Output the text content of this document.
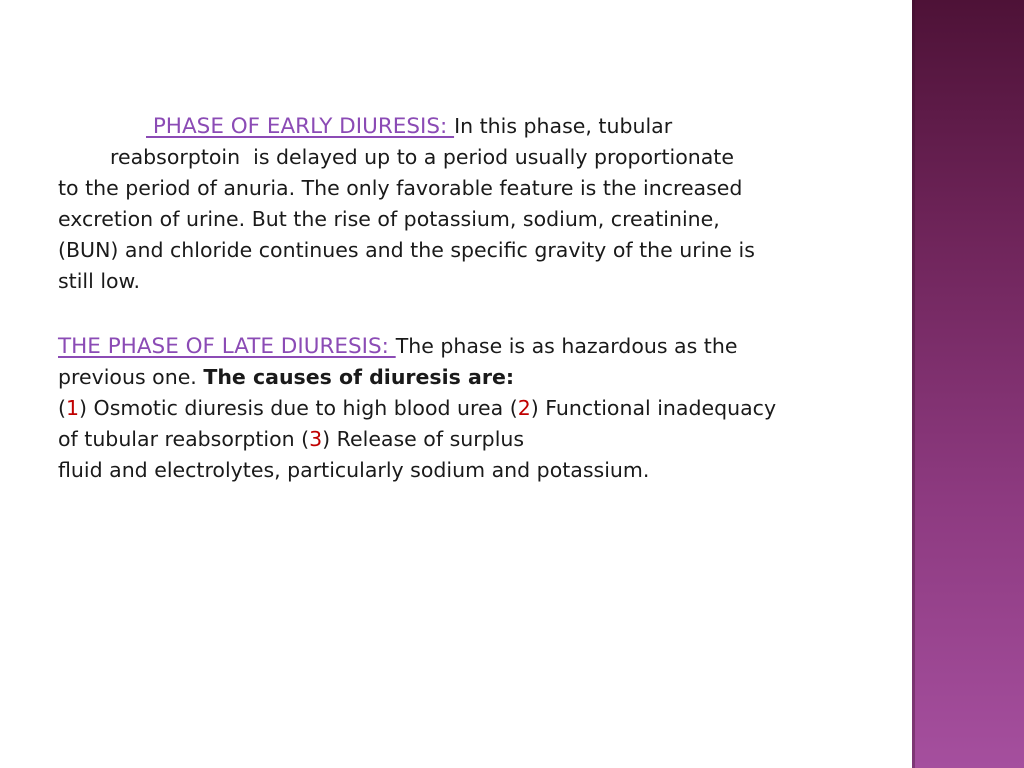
PHASE OF EARLY DIURESIS: In this phase, tubular
reabsorptoin  is delayed up to a period usually proportionate
to the period of anuria. The only favorable feature is the increased
excretion of urine. But the rise of potassium, sodium, creatinine,
(BUN) and chloride continues and the specific gravity of the urine is
still low.
THE PHASE OF LATE DIURESIS: The phase is as hazardous as the
previous one. The causes of diuresis are:
(1) Osmotic diuresis due to high blood urea (2) Functional inadequacy
of tubular reabsorption (3) Release of surplus
fluid and electrolytes, particularly sodium and potassium.
